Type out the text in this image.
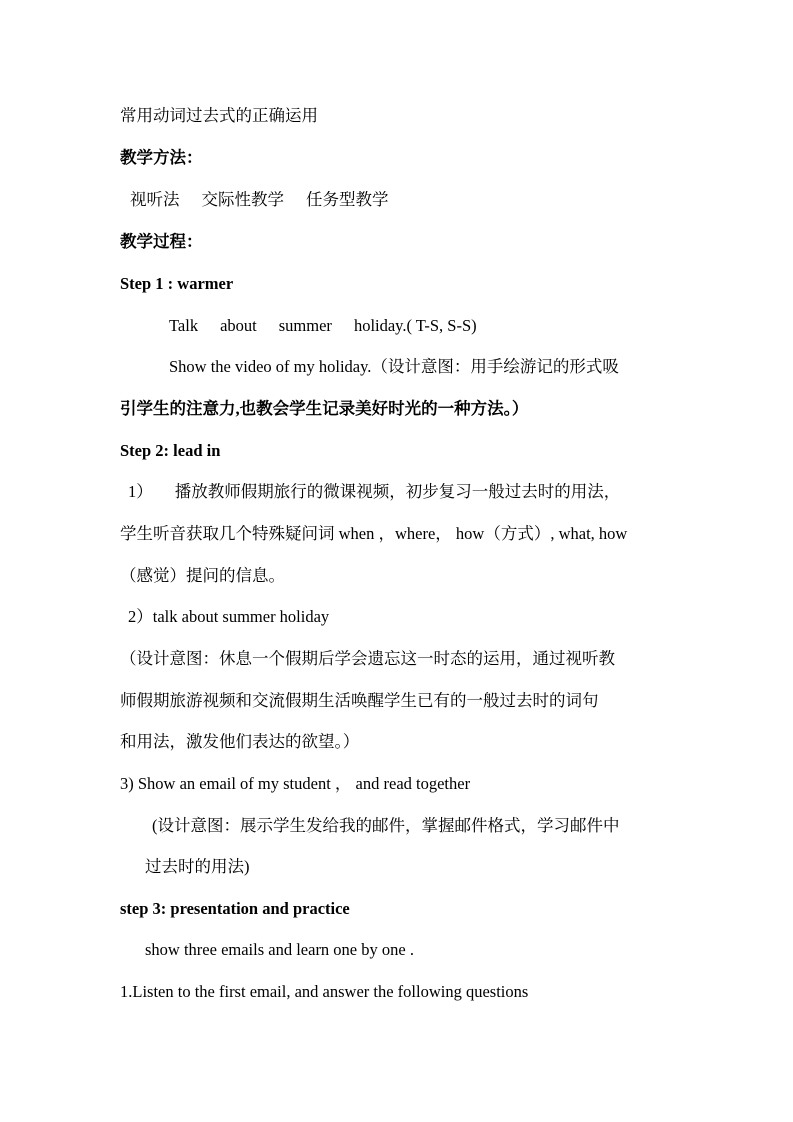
常用动词过去式的正确运用
教学方法：
视听法 交际性教学 任务型教学
教学过程：
Step 1 : warmer
Talk about summer holiday.( T-S, S-S)
Show the video of my holiday.（设计意图：用手绘游记的形式吸
引学生的注意力,也教会学生记录美好时光的一种方法。）
Step 2: lead in
1） 播放教师假期旅行的微课视频，初步复习一般过去时的用法，
学生听音获取几个特殊疑问词 when ，where， how（方式）, what, how
（感觉）提问的信息。
2）talk about summer holiday
（设计意图：休息一个假期后学会遗忘这一时态的运用，通过视听教
师假期旅游视频和交流假期生活唤醒学生已有的一般过去时的词句
和用法，激发他们表达的欲望。）
3) Show an email of my student ， and read together
(设计意图：展示学生发给我的邮件，掌握邮件格式，学习邮件中
过去时的用法)
step 3: presentation and practice
show three emails and learn one by one .
1.Listen to the first email, and answer the following questions
